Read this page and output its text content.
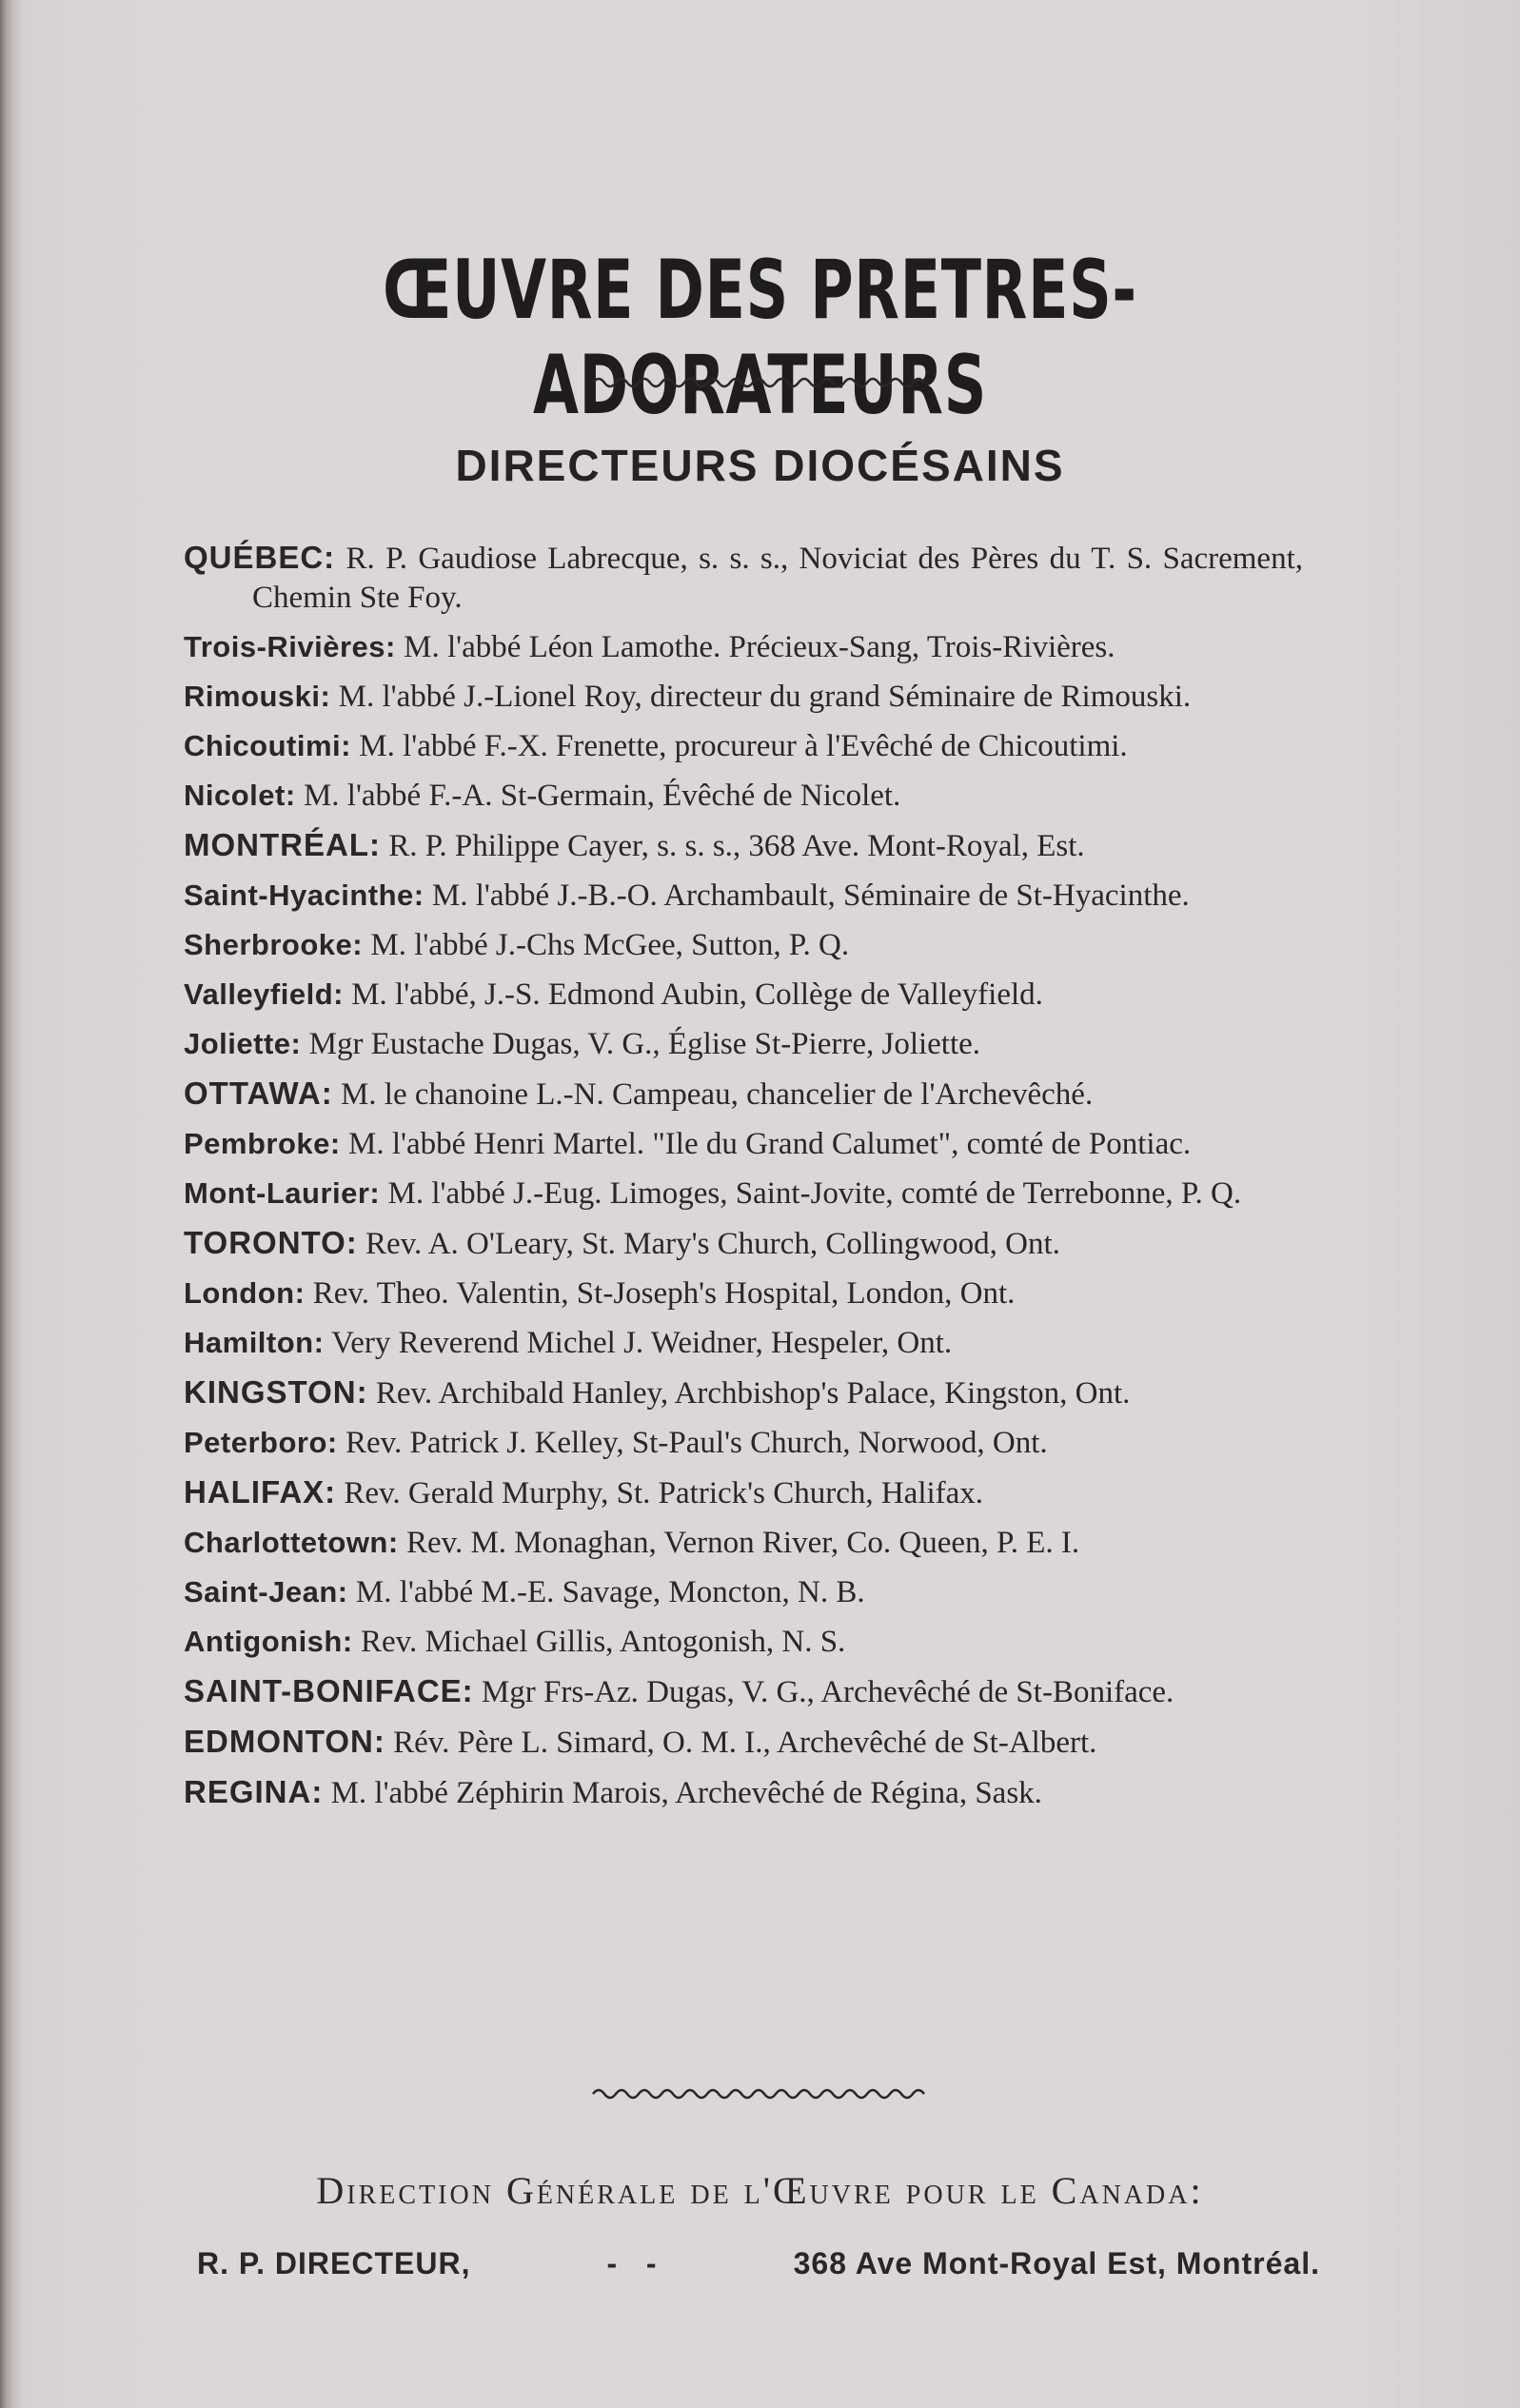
ŒUVRE DES PRETRES-ADORATEURS
DIRECTEURS DIOCÉSAINS
QUÉBEC: R. P. Gaudiose Labrecque, s. s. s., Noviciat des Pères du T. S. Sacrement, Chemin Ste Foy.
Trois-Rivières: M. l'abbé Léon Lamothe. Précieux-Sang, Trois-Rivières.
Rimouski: M. l'abbé J.-Lionel Roy, directeur du grand Séminaire de Rimouski.
Chicoutimi: M. l'abbé F.-X. Frenette, procureur à l'Evêché de Chicoutimi.
Nicolet: M. l'abbé F.-A. St-Germain, Évêché de Nicolet.
MONTRÉAL: R. P. Philippe Cayer, s. s. s., 368 Ave. Mont-Royal, Est.
Saint-Hyacinthe: M. l'abbé J.-B.-O. Archambault, Séminaire de St-Hyacinthe.
Sherbrooke: M. l'abbé J.-Chs McGee, Sutton, P. Q.
Valleyfield: M. l'abbé, J.-S. Edmond Aubin, Collège de Valleyfield.
Joliette: Mgr Eustache Dugas, V. G., Église St-Pierre, Joliette.
OTTAWA: M. le chanoine L.-N. Campeau, chancelier de l'Archevêché.
Pembroke: M. l'abbé Henri Martel. "Ile du Grand Calumet", comté de Pontiac.
Mont-Laurier: M. l'abbé J.-Eug. Limoges, Saint-Jovite, comté de Terrebonne, P. Q.
TORONTO: Rev. A. O'Leary, St. Mary's Church, Collingwood, Ont.
London: Rev. Theo. Valentin, St-Joseph's Hospital, London, Ont.
Hamilton: Very Reverend Michel J. Weidner, Hespeler, Ont.
KINGSTON: Rev. Archibald Hanley, Archbishop's Palace, Kingston, Ont.
Peterboro: Rev. Patrick J. Kelley, St-Paul's Church, Norwood, Ont.
HALIFAX: Rev. Gerald Murphy, St. Patrick's Church, Halifax.
Charlottetown: Rev. M. Monaghan, Vernon River, Co. Queen, P. E. I.
Saint-Jean: M. l'abbé M.-E. Savage, Moncton, N. B.
Antigonish: Rev. Michael Gillis, Antogonish, N. S.
SAINT-BONIFACE: Mgr Frs-Az. Dugas, V. G., Archevêché de St-Boniface.
EDMONTON: Rév. Père L. Simard, O. M. I., Archevêché de St-Albert.
REGINA: M. l'abbé Zéphirin Marois, Archevêché de Régina, Sask.
Direction Générale de l'Œuvre pour le Canada:
R. P. DIRECTEUR,	-   -	368 Ave Mont-Royal Est, Montréal.
